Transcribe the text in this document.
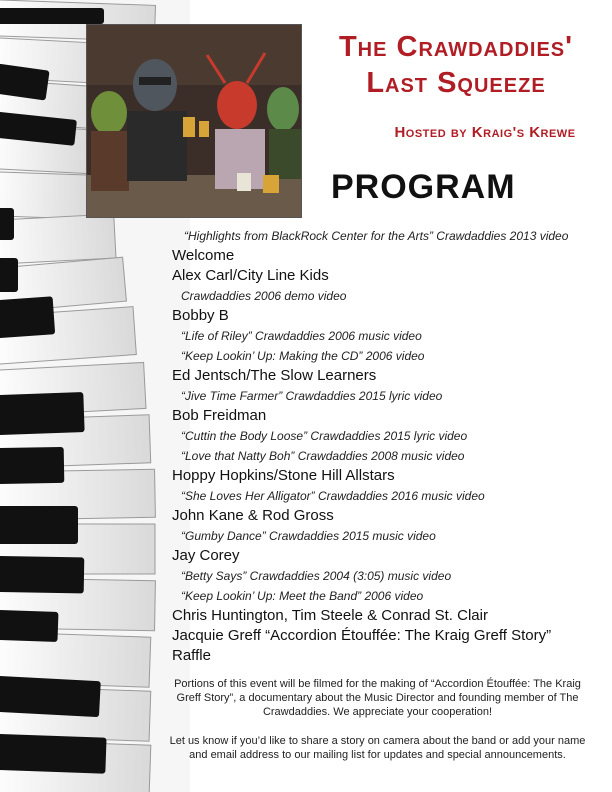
The Crawdaddies'
Last Squeeze
Hosted by Kraig's Krewe
PROGRAM
“Highlights from BlackRock Center for the Arts” Crawdaddies 2013 video
Welcome
Alex Carl/City Line Kids
Crawdaddies 2006 demo video
Bobby B
“Life of Riley” Crawdaddies 2006 music video
“Keep Lookin’ Up: Making the CD” 2006 video
Ed Jentsch/The Slow Learners
“Jive Time Farmer” Crawdaddies 2015 lyric video
Bob Freidman
“Cuttin the Body Loose” Crawdaddies 2015 lyric video
“Love that Natty Boh” Crawdaddies 2008 music video
Hoppy Hopkins/Stone Hill Allstars
“She Loves Her Alligator” Crawdaddies 2016 music video
John Kane & Rod Gross
“Gumby Dance” Crawdaddies 2015 music video
Jay Corey
“Betty Says” Crawdaddies 2004 (3:05) music video
“Keep Lookin’ Up: Meet the Band” 2006 video
Chris Huntington, Tim Steele & Conrad St. Clair
Jacquie Greff “Accordion Étouffée: The Kraig Greff Story”
Raffle
Portions of this event will be filmed for the making of “Accordion Étouffée: The Kraig Greff Story”, a documentary about the Music Director and founding member of The Crawdaddies. We appreciate your cooperation!
Let us know if you’d like to share a story on camera about the band or add your name and email address to our mailing list for updates and special announcements.
